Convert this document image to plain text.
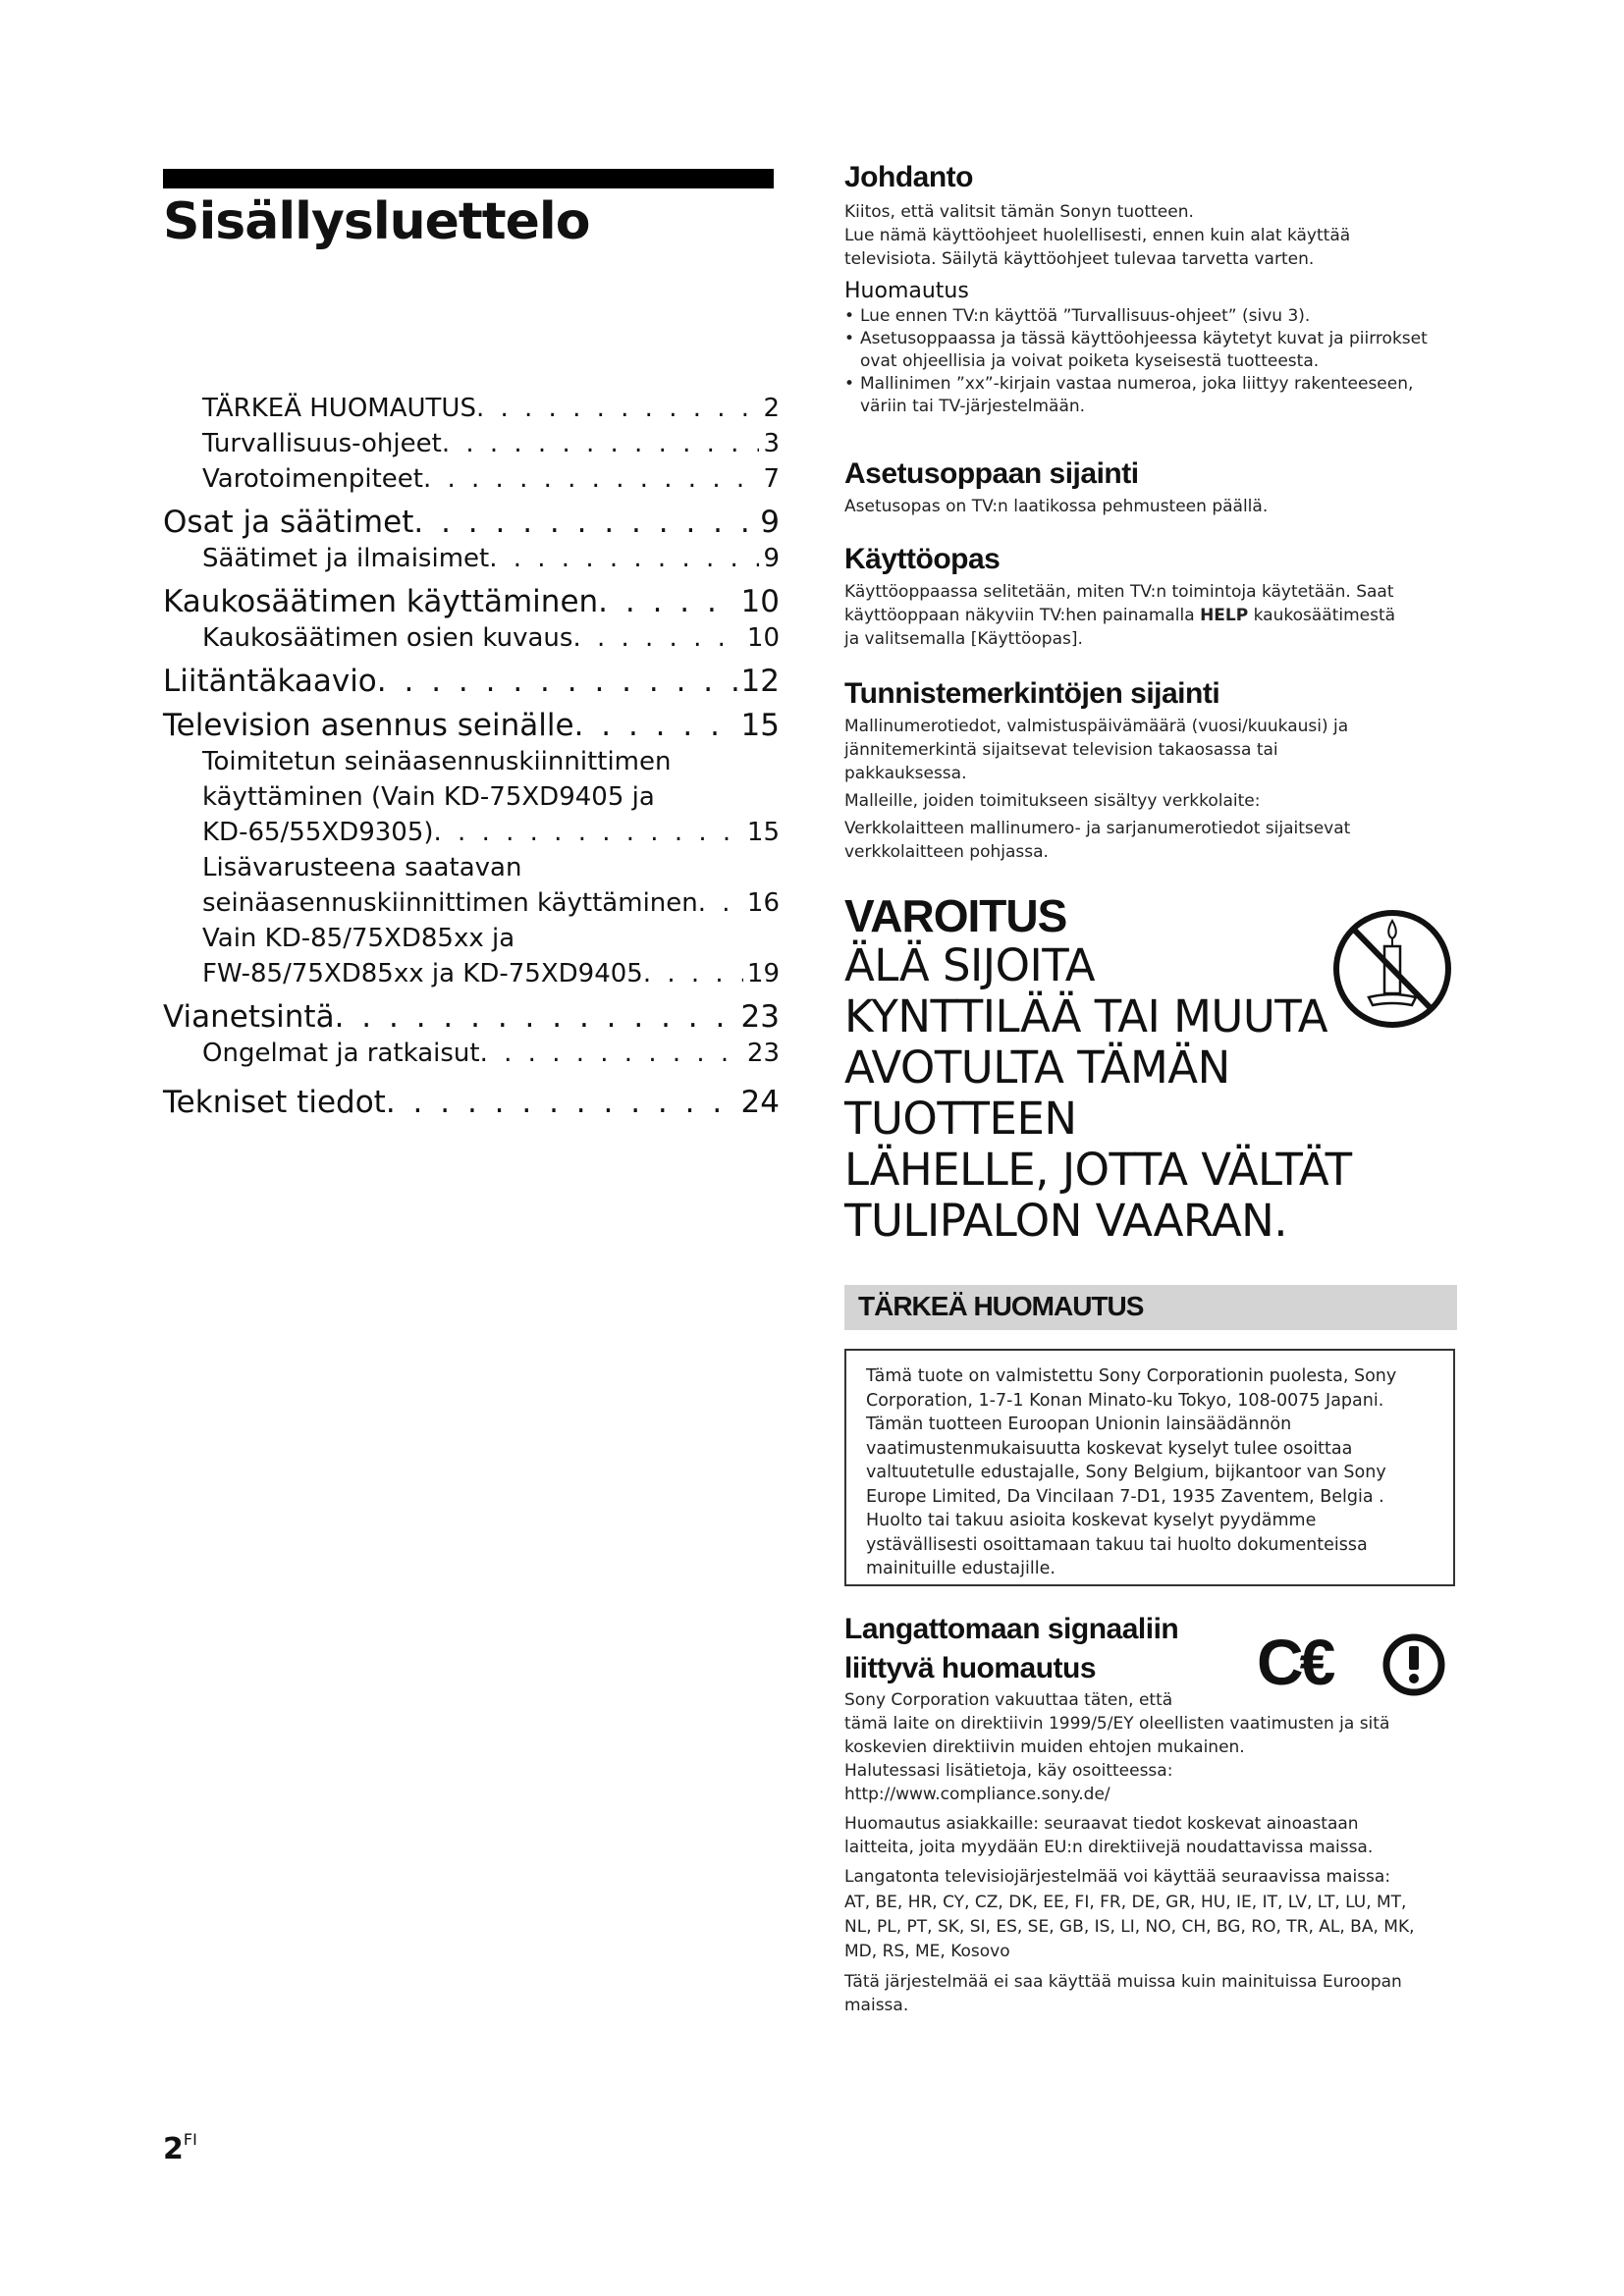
Sisällysluettelo
TÄRKEÄ HUOMAUTUS . . .	2
Turvallisuus-ohjeet . . .	3
Varotoimenpiteet . . .	7
Osat ja säätimet . . .	9
Säätimet ja ilmaisimet . . .	9
Kaukosäätimen käyttäminen . . .	10
Kaukosäätimen osien kuvaus . . .	10
Liitäntäkaavio . . .	12
Television asennus seinälle . . .	15
Toimitetun seinäasennuskiinnittimen
käyttäminen (Vain KD-75XD9405 ja
KD-65/55XD9305) . . .	15
Lisävarusteena saatavan
seinäasennuskiinnittimen käyttäminen . . . 16
Vain KD-85/75XD85xx ja
FW-85/75XD85xx ja KD-75XD9405 . . .	19
Vianetsintä . . .	23
Ongelmat ja ratkaisut . . .	23
Tekniset tiedot . . .	24
Johdanto
Kiitos, että valitsit tämän Sonyn tuotteen.
Lue nämä käyttöohjeet huolellisesti, ennen kuin alat käyttää
televisiota. Säilytä käyttöohjeet tulevaa tarvetta varten.
Huomautus
• Lue ennen TV:n käyttöä ”Turvallisuus-ohjeet” (sivu 3).
• Asetusoppaassa ja tässä käyttöohjeessa käytetyt kuvat ja piirrokset ovat ohjeellisia ja voivat poiketa kyseisestä tuotteesta.
• Mallinimen ”xx”-kirjain vastaa numeroa, joka liittyy rakenteeseen, väriin tai TV-järjestelmään.
Asetusoppaan sijainti
Asetusopas on TV:n laatikossa pehmusteen päällä.
Käyttöopas
Käyttöoppaassa selitetään, miten TV:n toimintoja käytetään. Saat
käyttöoppaan näkyviin TV:hen painamalla HELP kaukosäätimestä
ja valitsemalla [Käyttöopas].
Tunnistemerkintöjen sijainti
Mallinumerotiedot, valmistuspäivämäärä (vuosi/kuukausi) ja
jännitemerkintä sijaitsevat television takaosassa tai
pakkauksessa.
Malleille, joiden toimitukseen sisältyy verkkolaite:
Verkkolaitteen mallinumero- ja sarjanumerotiedot sijaitsevat
verkkolaitteen pohjassa.
VAROITUS
ÄLÄ SIJOITA
KYNTTILÄÄ TAI MUUTA
AVOTULTA TÄMÄN TUOTTEEN
LÄHELLE, JOTTA VÄLTÄT
TULIPALON VAARAN.
TÄRKEÄ HUOMAUTUS
Tämä tuote on valmistettu Sony Corporationin puolesta, Sony
Corporation, 1-7-1 Konan Minato-ku Tokyo, 108-0075 Japani.
Tämän tuotteen Euroopan Unionin lainsäädännön
vaatimustenmukaisuutta koskevat kyselyt tulee osoittaa
valtuutetulle edustajalle, Sony Belgium, bijkantoor van Sony
Europe Limited, Da Vincilaan 7-D1, 1935 Zaventem, Belgia .
Huolto tai takuu asioita koskevat kyselyt pyydämme
ystävällisesti osoittamaan takuu tai huolto dokumenteissa
mainituille edustajille.
Langattomaan signaaliin
liittyvä huomautus	C€
Sony Corporation vakuuttaa täten, että
tämä laite on direktiivin 1999/5/EY oleellisten vaatimusten ja sitä
koskevien direktiivin muiden ehtojen mukainen.
Halutessasi lisätietoja, käy osoitteessa:
http://www.compliance.sony.de/
Huomautus asiakkaille: seuraavat tiedot koskevat ainoastaan
laitteita, joita myydään EU:n direktiivejä noudattavissa maissa.
Langatonta televisiojärjestelmää voi käyttää seuraavissa maissa:
AT, BE, HR, CY, CZ, DK, EE, FI, FR, DE, GR, HU, IE, IT, LV, LT, LU, MT,
NL, PL, PT, SK, SI, ES, SE, GB, IS, LI, NO, CH, BG, RO, TR, AL, BA, MK,
MD, RS, ME, Kosovo
Tätä järjestelmää ei saa käyttää muissa kuin mainituissa Euroopan
maissa.
$2^{FI}$
